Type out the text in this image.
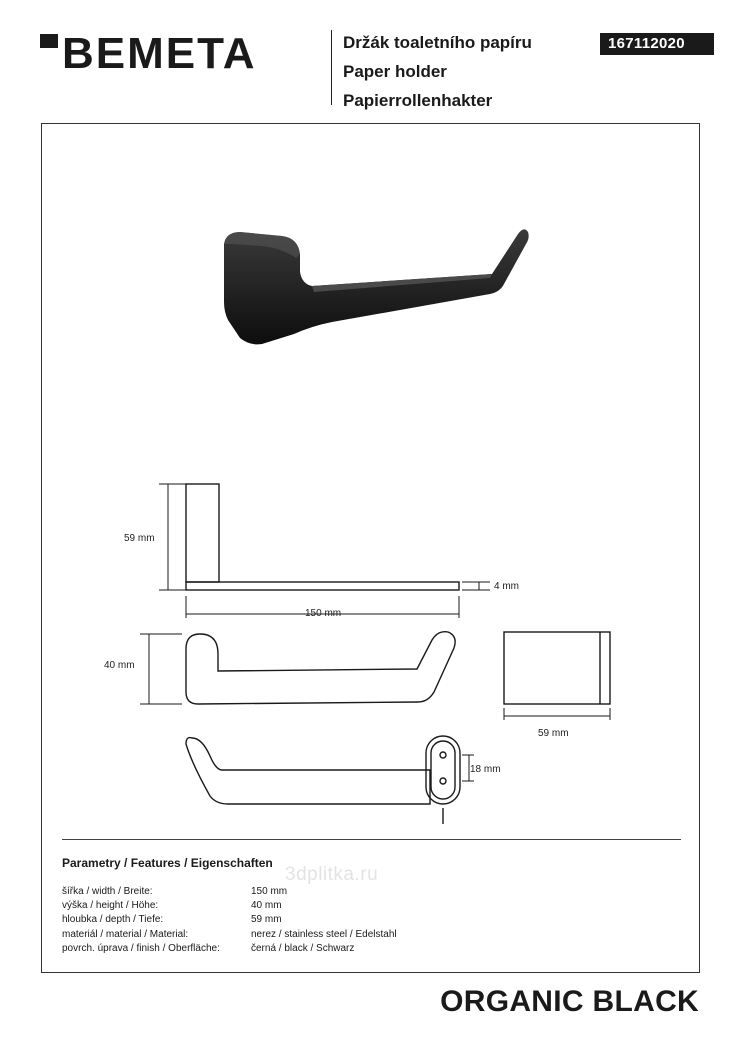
BEMETA	Držák toaletního papíru
Paper holder
Papierrollenhakter
167112020
59 mm
4 mm
150 mm
40 mm
59 mm
18 mm
Parametry / Features / Eigenschaften
šířka / width / Breite:	150 mm
výška / height / Höhe:	40 mm
hloubka / depth / Tiefe:	59 mm
materiál / material / Material:	nerez / stainless steel / Edelstahl
povrch. úprava / finish / Oberfläche:	černá / black / Schwarz
3dplitka.ru
ORGANIC BLACK
